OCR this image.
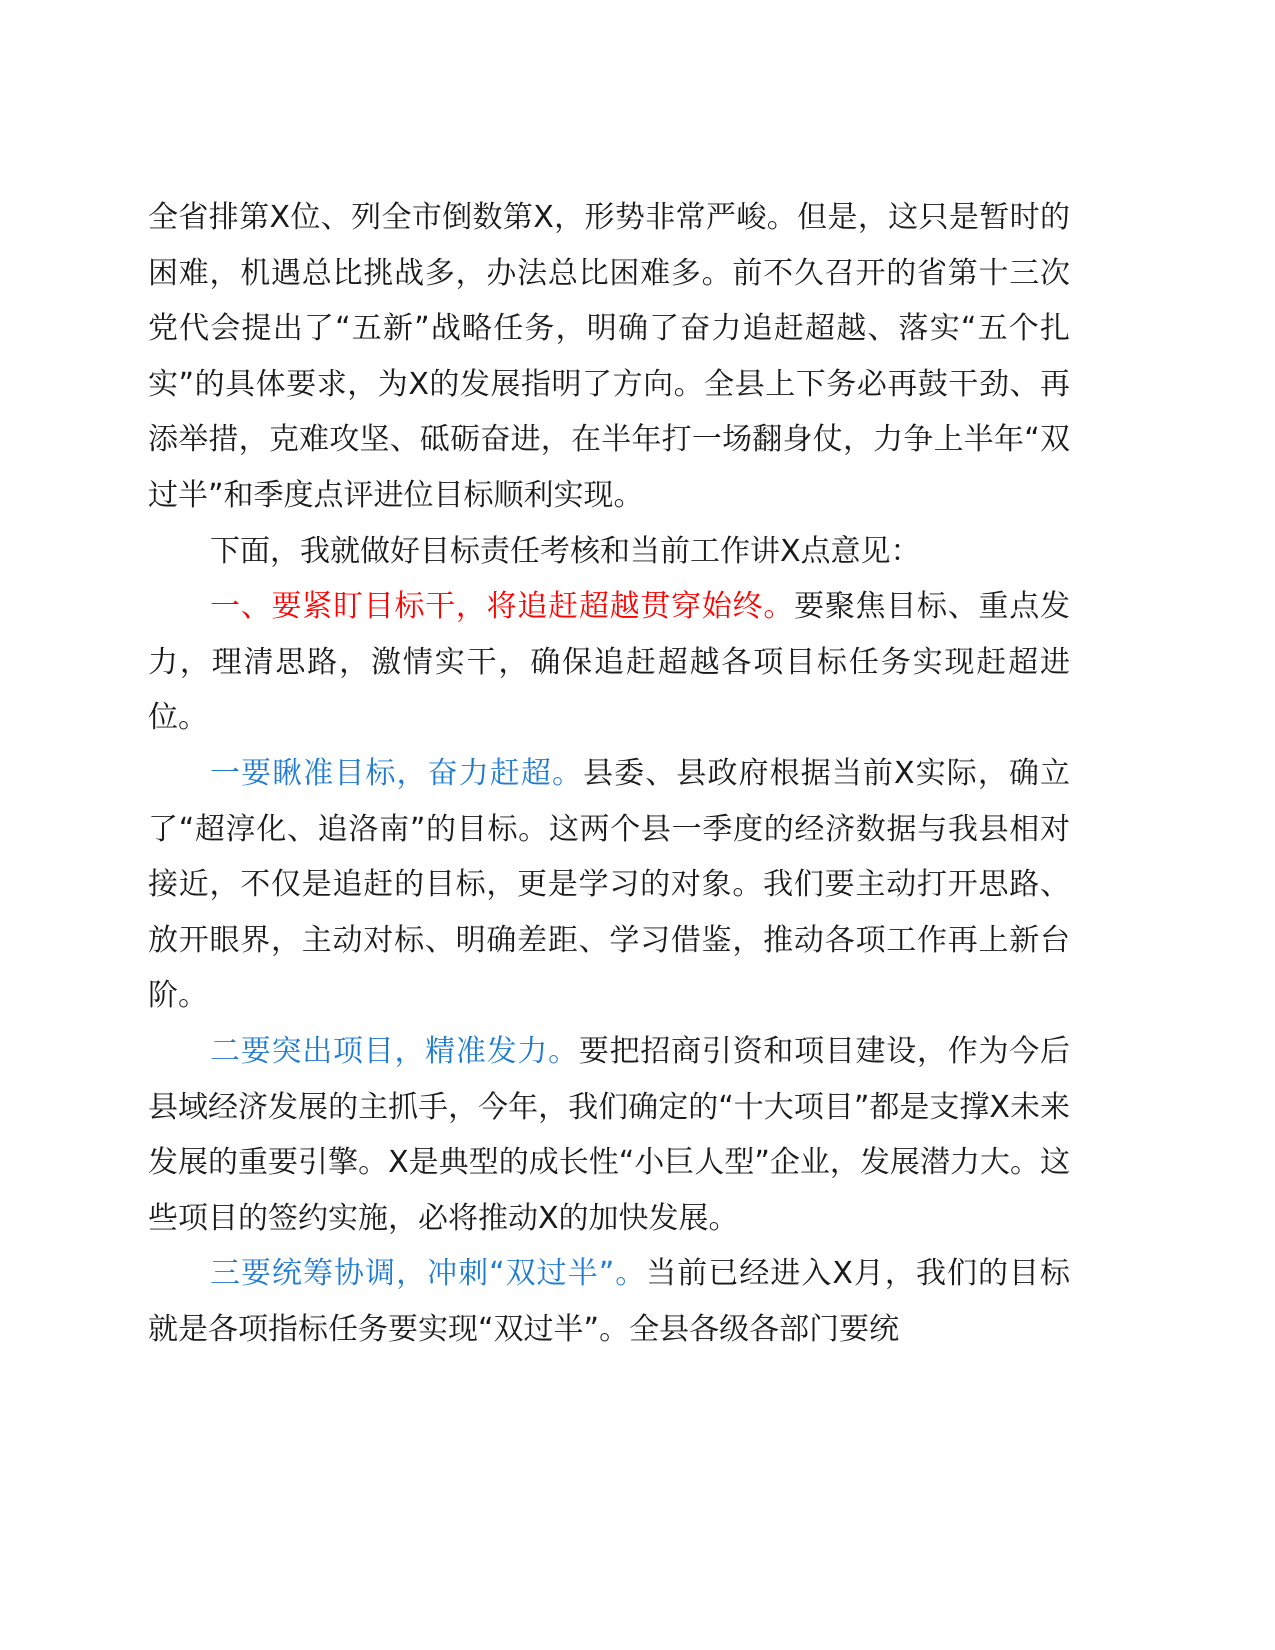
全省排第X位、列全市倒数第X，形势非常严峻。但是，这只是暂时的困难，机遇总比挑战多，办法总比困难多。前不久召开的省第十三次党代会提出了“五新”战略任务，明确了奋力追赶超越、落实“五个扎实”的具体要求，为X的发展指明了方向。全县上下务必再鼓干劲、再添举措，克难攻坚、砥砺奋进，在半年打一场翻身仗，力争上半年“双过半”和季度点评进位目标顺利实现。

下面，我就做好目标责任考核和当前工作讲X点意见：

一、要紧盯目标干，将追赶超越贯穿始终。要聚焦目标、重点发力，理清思路，激情实干，确保追赶超越各项目标任务实现赶超进位。

一要瞅准目标，奋力赶超。县委、县政府根据当前X实际，确立了“超淳化、追洛南”的目标。这两个县一季度的经济数据与我县相对接近，不仅是追赶的目标，更是学习的对象。我们要主动打开思路、放开眼界，主动对标、明确差距、学习借鉴，推动各项工作再上新台阶。

二要突出项目，精准发力。要把招商引资和项目建设，作为今后县域经济发展的主抓手，今年，我们确定的“十大项目”都是支撑X未来发展的重要引擎。X是典型的成长性“小巨人型”企业，发展潜力大。这些项目的签约实施，必将推动X的加快发展。

三要统筹协调，冲刺“双过半”。当前已经进入X月，我们的目标就是各项指标任务要实现“双过半”。全县各级各部门要统
